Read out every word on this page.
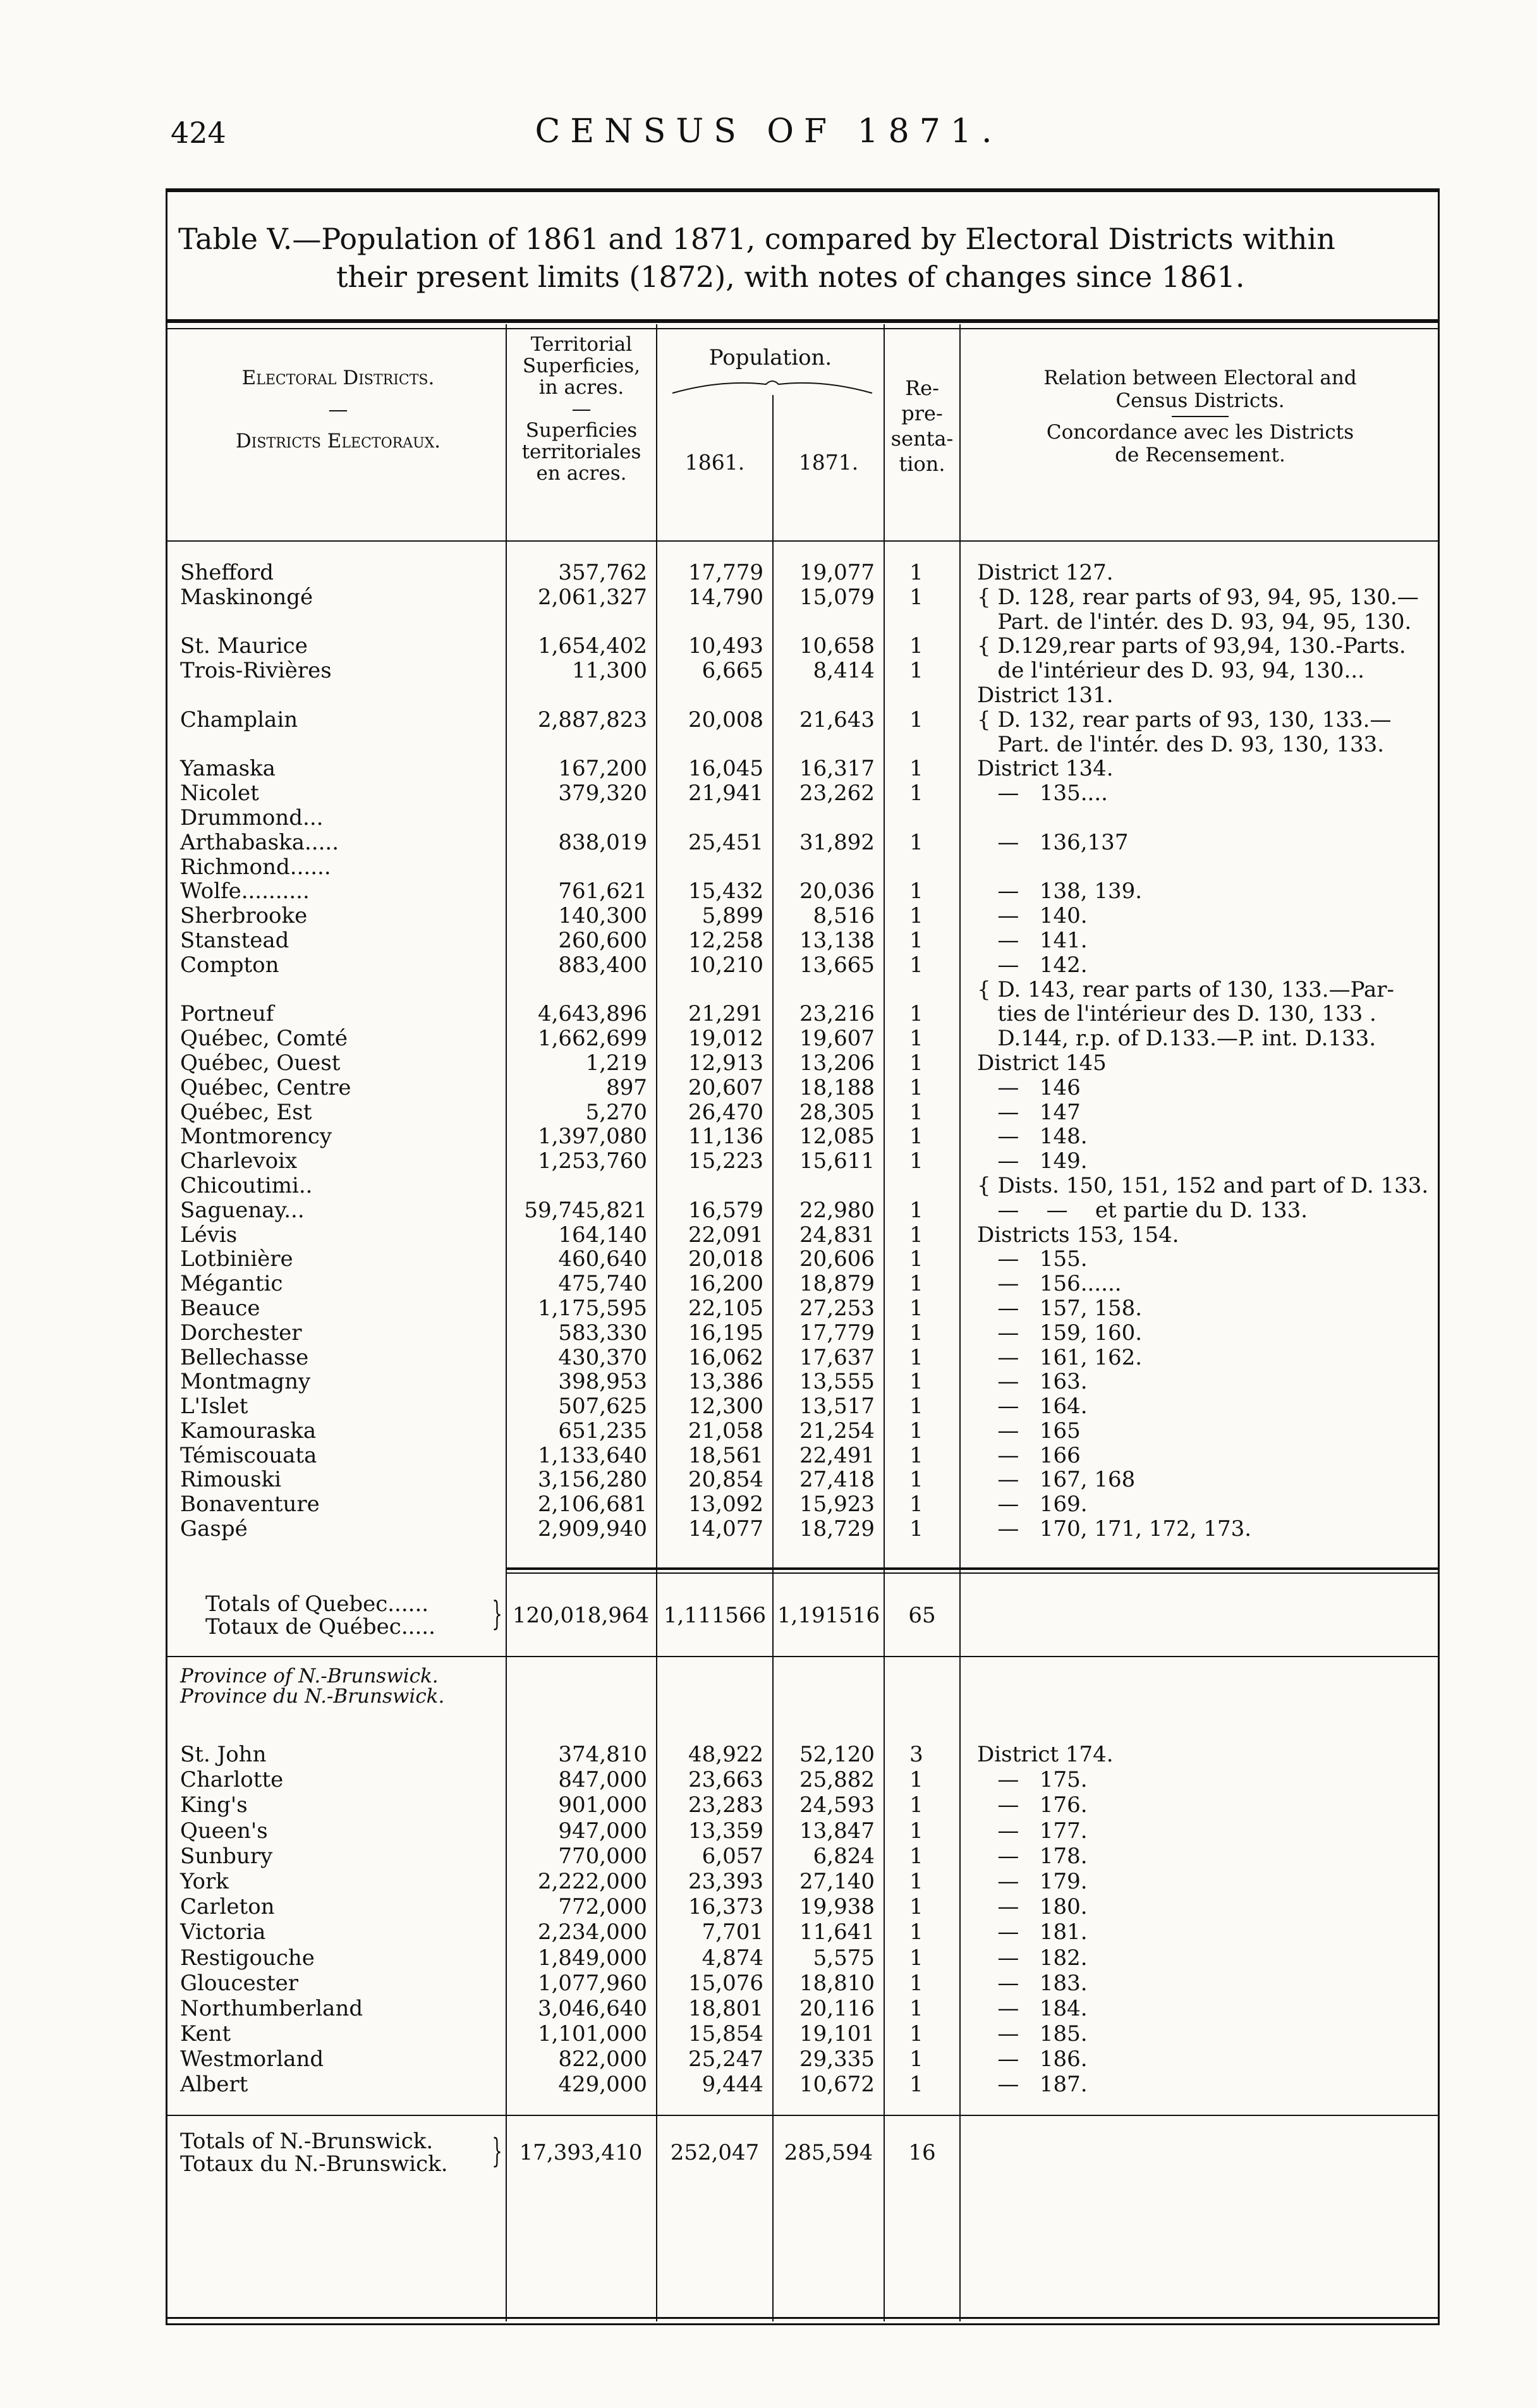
424	CENSUS OF 1871.
Table V.—Population of 1861 and 1871, compared by Electoral Districts within
their present limits (1872), with notes of changes since 1861.
Electoral Districts.
—
Districts Electoraux.
Territorial
Superficies,
in acres.
—
Superficies
territoriales
en acres.
Population.
1861.	1871.
Re-
pre-
senta-
tion.
Relation between Electoral and
Census Districts.
Concordance avec les Districts
de Recensement.
Shefford	357,762 17,779 19,077	1	District 127.
Maskinongé	2,061,327 14,790 15,079	1	{ D. 128, rear parts of 93, 94, 95, 130.—
Part. de l'intér. des D. 93, 94, 95, 130.
St. Maurice	1,654,402 10,493 10,658	1	{ D.129,rear parts of 93,94, 130.-Parts.
Trois-Rivières	11,300	6,665 8,414	1	de l'intérieur des D. 93, 94, 130...
District 131.
Champlain	2,887,823 20,008 21,643	1	{ D. 132, rear parts of 93, 130, 133.—
Part. de l'intér. des D. 93, 130, 133.
Yamaska	167,200 16,045 16,317	1	District 134.
Nicolet	379,320 21,941 23,262	1	—   135....
Drummond...
Arthabaska.....	838,019 25,451 31,892	1	—   136,137
Richmond......
Wolfe..........	761,621 15,432 20,036	1	—   138, 139.
Sherbrooke	140,300	5,899 8,516	1	—   140.
Stanstead	260,600 12,258 13,138	1	—   141.
Compton	883,400 10,210 13,665	1	—   142.
{ D. 143, rear parts of 130, 133.—Par-
Portneuf	4,643,896 21,291 23,216	1	ties de l'intérieur des D. 130, 133 .
Québec, Comté	1,662,699 19,012 19,607	1	D.144, r.p. of D.133.—P. int. D.133.
Québec, Ouest	1,219 12,913 13,206	1	District 145
Québec, Centre	897 20,607 18,188	1	—   146
Québec, Est	5,270 26,470 28,305	1	—   147
Montmorency	1,397,080 11,136 12,085	1	—   148.
Charlevoix	1,253,760 15,223 15,611	1	—   149.
Chicoutimi..	{ Dists. 150, 151, 152 and part of D. 133.
Saguenay...	59,745,821 16,579 22,980	1	—    —    et partie du D. 133.
Lévis	164,140 22,091 24,831	1	Districts 153, 154.
Lotbinière	460,640 20,018 20,606	1	—   155.
Mégantic	475,740 16,200 18,879	1	—   156......
Beauce	1,175,595 22,105 27,253	1	—   157, 158.
Dorchester	583,330 16,195 17,779	1	—   159, 160.
Bellechasse	430,370 16,062 17,637	1	—   161, 162.
Montmagny	398,953 13,386 13,555	1	—   163.
L'Islet	507,625 12,300 13,517	1	—   164.
Kamouraska	651,235 21,058 21,254	1	—   165
Témiscouata	1,133,640 18,561 22,491	1	—   166
Rimouski	3,156,280 20,854 27,418	1	—   167, 168
Bonaventure	2,106,681 13,092 15,923	1	—   169.
Gaspé	2,909,940 14,077 18,729	1	—   170, 171, 172, 173.
Totals of Quebec......
Totaux de Québec..... } 120,018,964 1,111566 1,191516	65
Province of N.-Brunswick.
Province du N.-Brunswick.
St. John	374,810 48,922 52,120	3	District 174.
Charlotte	847,000 23,663 25,882	1	—   175.
King's	901,000 23,283 24,593	1	—   176.
Queen's	947,000 13,359 13,847	1	—   177.
Sunbury	770,000	6,057 6,824	1	—   178.
York	2,222,000 23,393 27,140	1	—   179.
Carleton	772,000 16,373 19,938	1	—   180.
Victoria	2,234,000	7,701 11,641	1	—   181.
Restigouche	1,849,000	4,874 5,575	1	—   182.
Gloucester	1,077,960 15,076 18,810	1	—   183.
Northumberland	3,046,640 18,801 20,116	1	—   184.
Kent	1,101,000 15,854 19,101	1	—   185.
Westmorland	822,000 25,247 29,335	1	—   186.
Albert	429,000	9,444 10,672	1	—   187.
Totals of N.-Brunswick.
Totaux du N.-Brunswick. } 17,393,410	252,047	285,594	16
